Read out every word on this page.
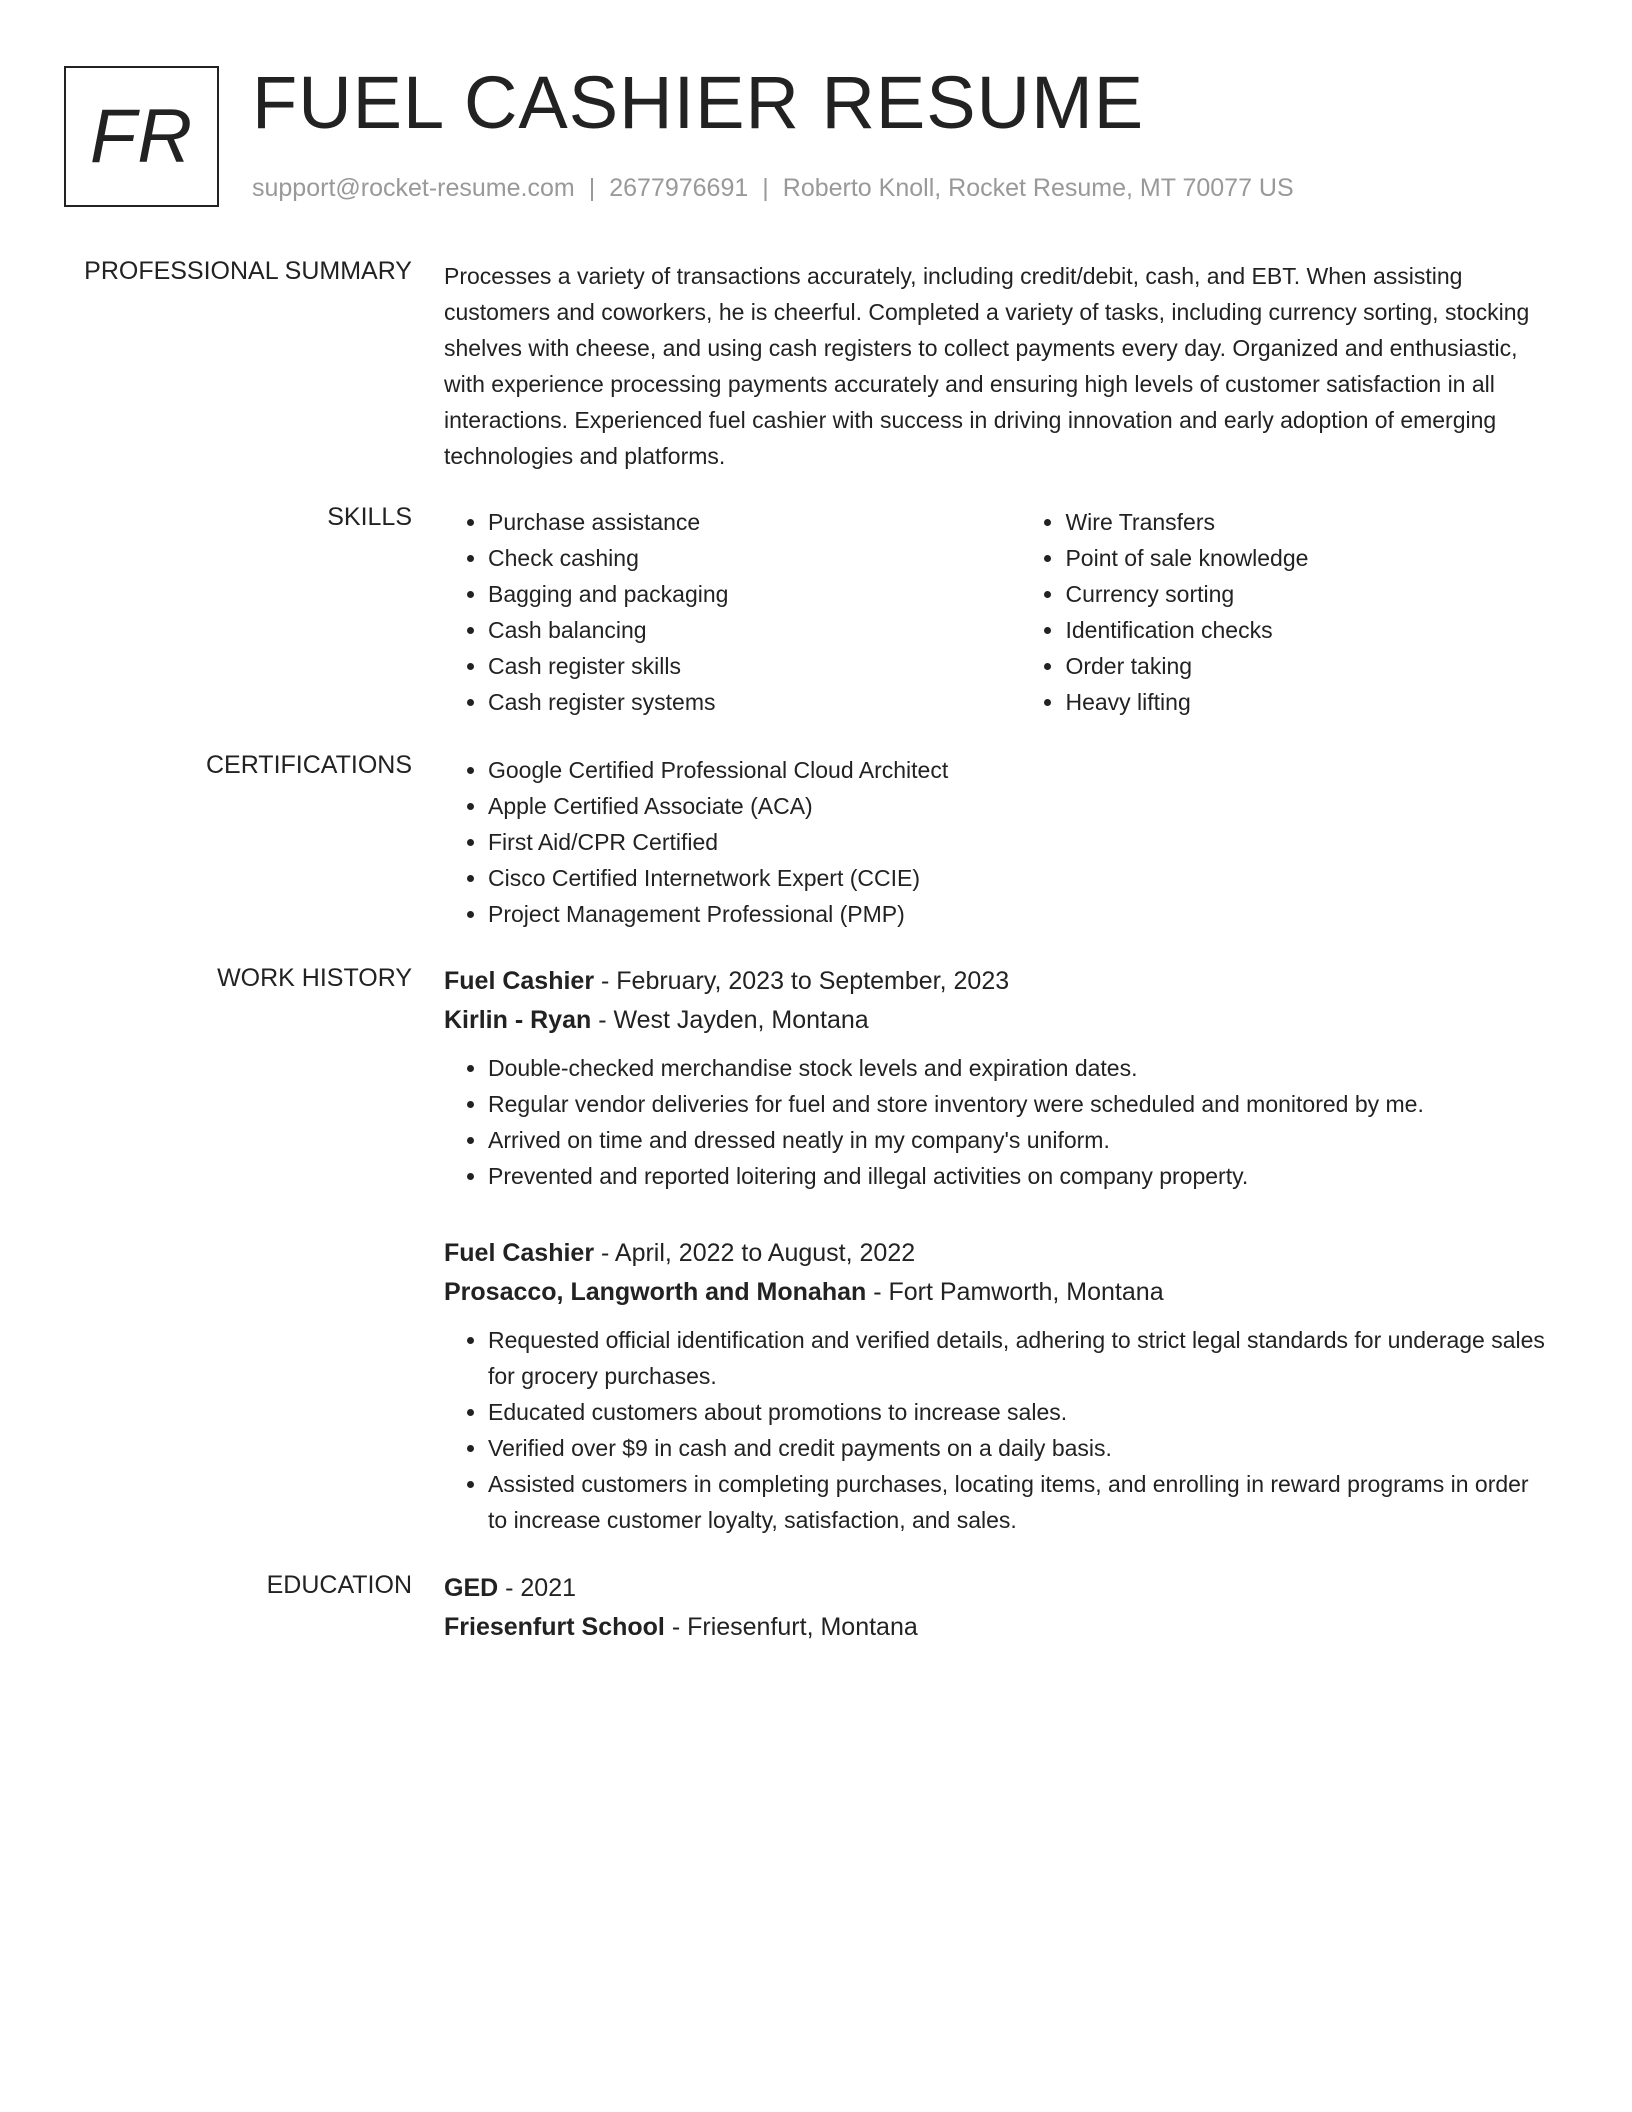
FR FUEL CASHIER RESUME
support@rocket-resume.com | 2677976691 | Roberto Knoll, Rocket Resume, MT 70077 US
PROFESSIONAL SUMMARY Processes a variety of transactions accurately, including credit/debit, cash, and EBT. When assisting customers and coworkers, he is cheerful. Completed a variety of tasks, including currency sorting, stocking shelves with cheese, and using cash registers to collect payments every day. Organized and enthusiastic, with experience processing payments accurately and ensuring high levels of customer satisfaction in all interactions. Experienced fuel cashier with success in driving innovation and early adoption of emerging technologies and platforms.

SKILLS	• Purchase assistance
• Check cashing
• Bagging and packaging
• Cash balancing
• Cash register skills
• Cash register systems
• Wire Transfers
• Point of sale knowledge
• Currency sorting
• Identification checks
• Order taking
• Heavy lifting
CERTIFICATIONS	• Google Certified Professional Cloud Architect
• Apple Certified Associate (ACA)
• First Aid/CPR Certified
• Cisco Certified Internetwork Expert (CCIE)
• Project Management Professional (PMP)
WORK HISTORY Fuel Cashier - February, 2023 to September, 2023
Kirlin - Ryan - West Jayden, Montana
• Double-checked merchandise stock levels and expiration dates.
• Regular vendor deliveries for fuel and store inventory were scheduled and monitored by me.
• Arrived on time and dressed neatly in my company's uniform.
• Prevented and reported loitering and illegal activities on company property.
Fuel Cashier - April, 2022 to August, 2022
Prosacco, Langworth and Monahan - Fort Pamworth, Montana
• Requested official identification and verified details, adhering to strict legal standards for underage sales for grocery purchases.
• Educated customers about promotions to increase sales.
• Verified over $9 in cash and credit payments on a daily basis.
• Assisted customers in completing purchases, locating items, and enrolling in reward programs in order to increase customer loyalty, satisfaction, and sales.
EDUCATION GED - 2021
Friesenfurt School - Friesenfurt, Montana
